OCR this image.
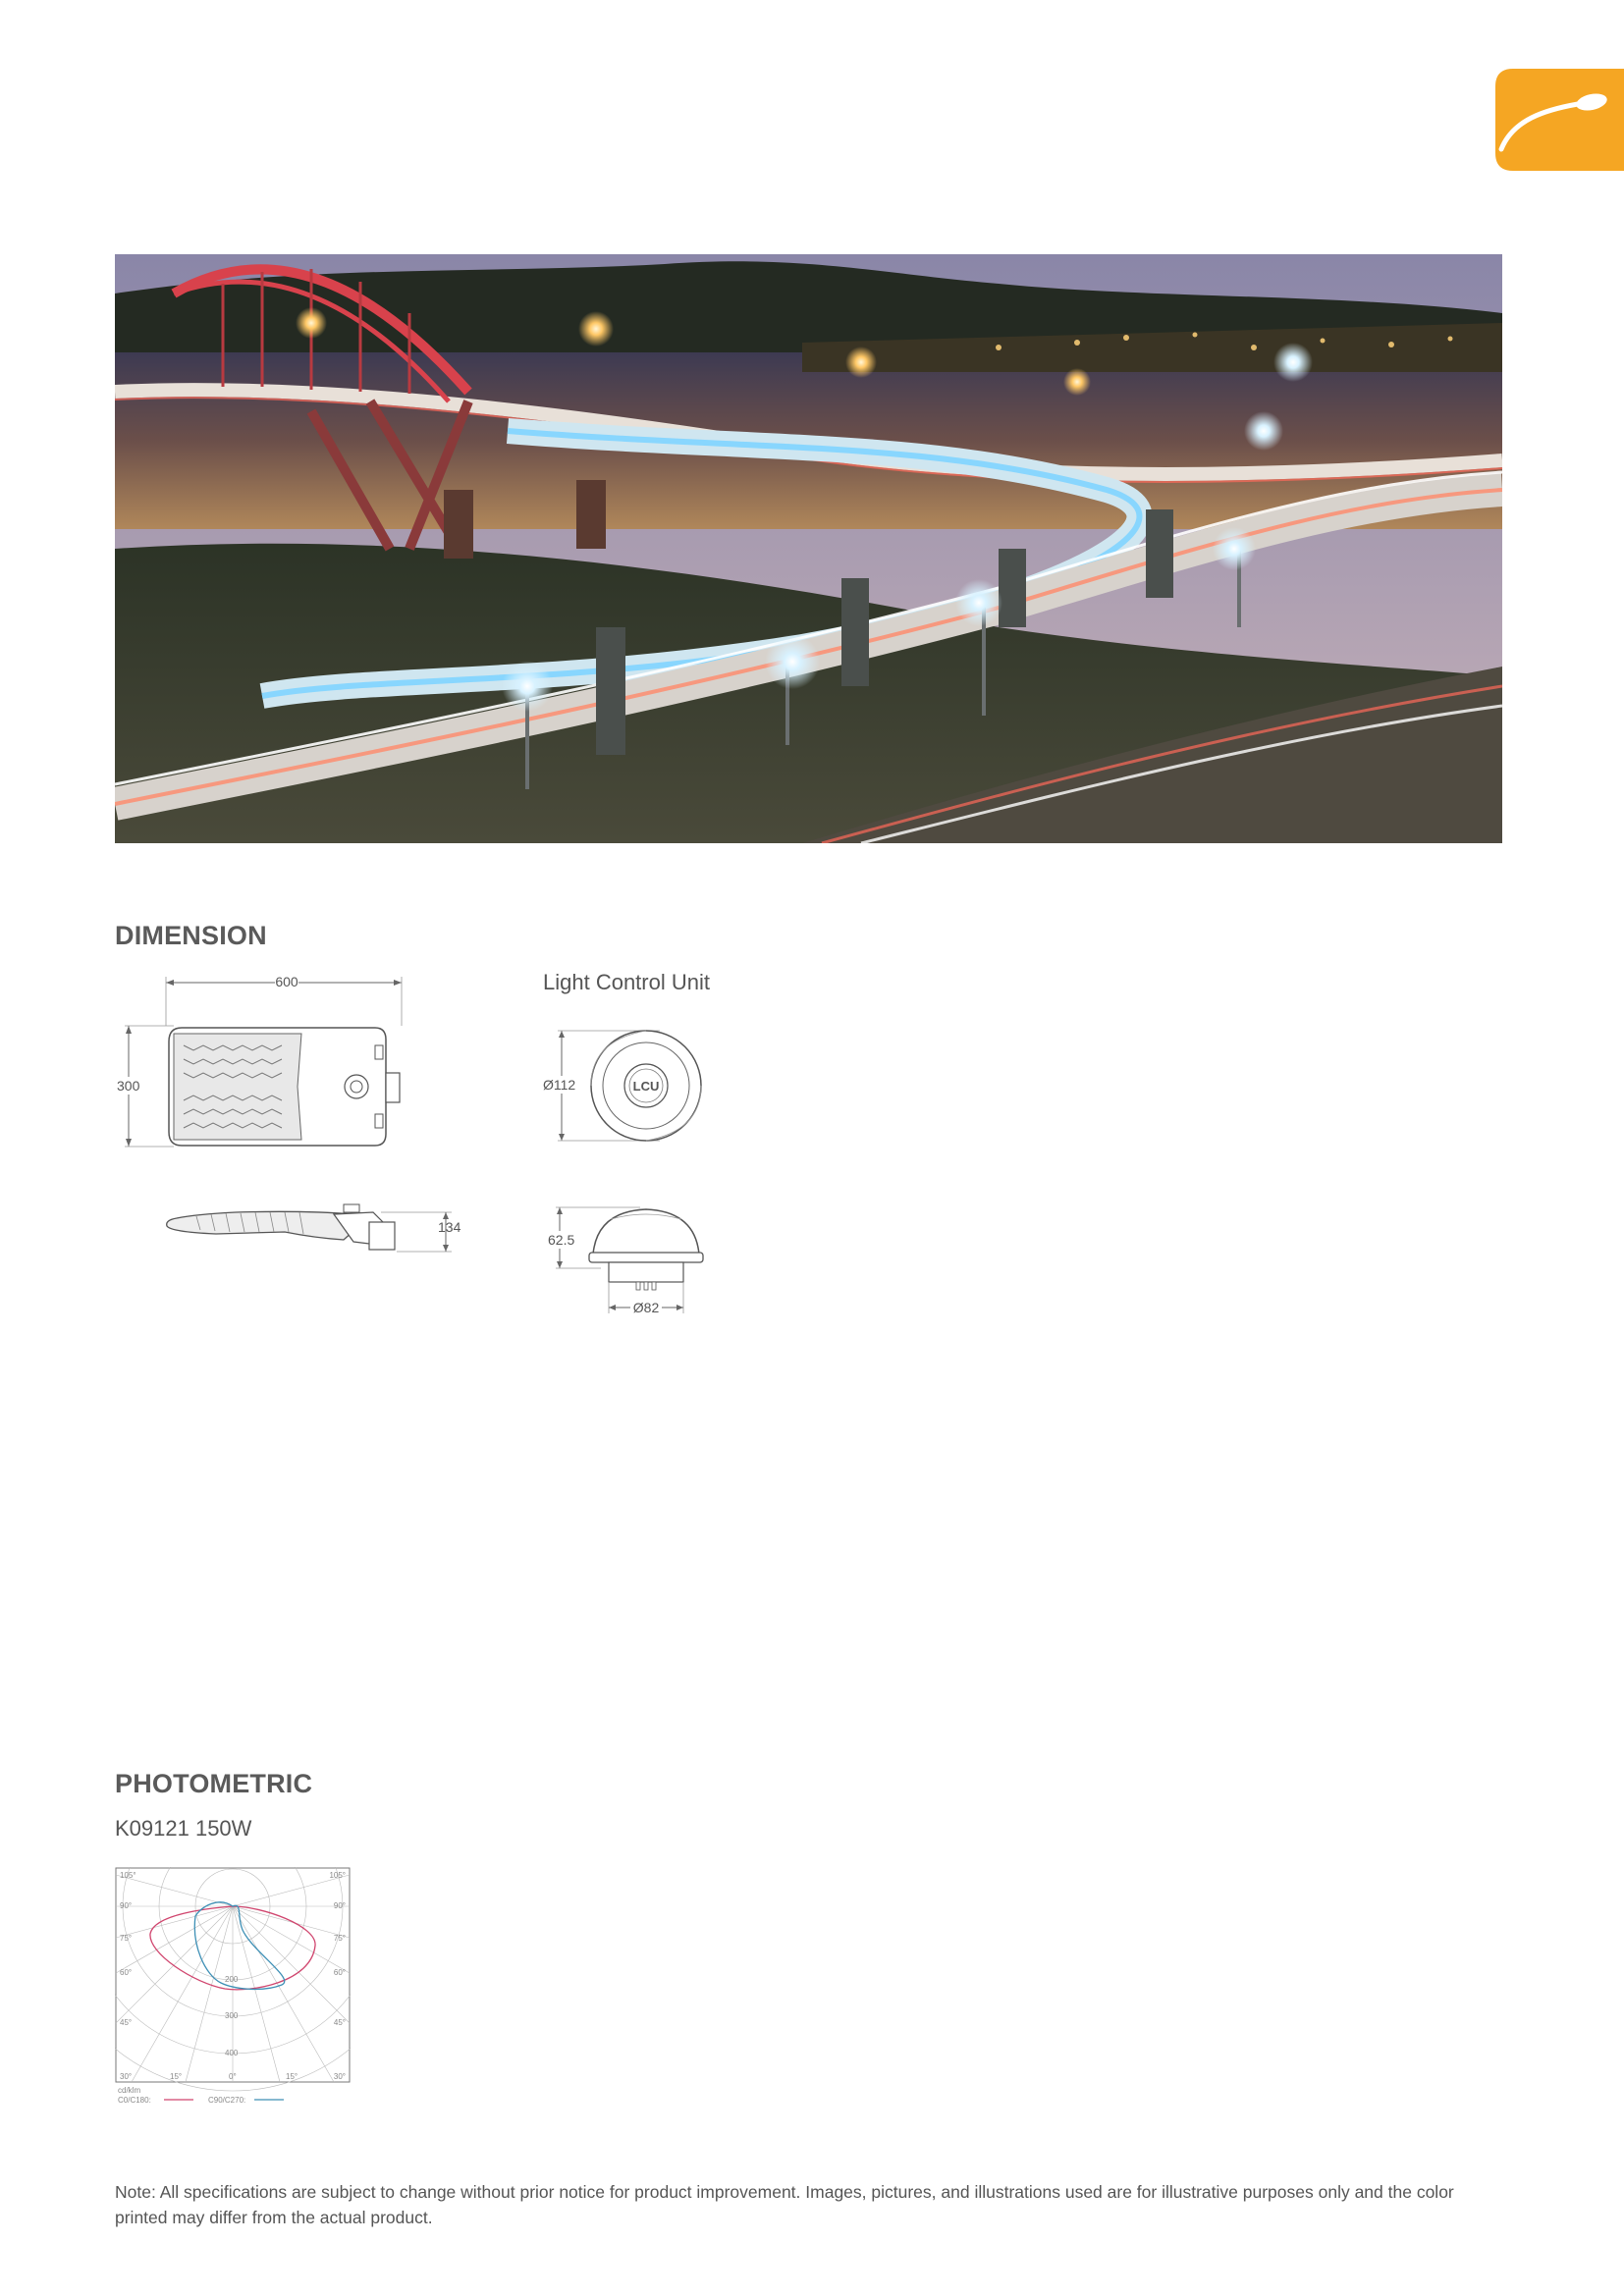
DIMENSION
Light Control Unit
600
300
134
Ø112	LCU
62.5
Ø82
PHOTOMETRIC
K09121 150W
105°
90°
75°
60°
45°
30°
105°
90°
75°
60°
45°
30°
15°	0°	15°
200
300
400
cd/klm
C0/C180:	C90/C270:
Note: All specifications are subject to change without prior notice for product improvement. Images, pictures, and illustrations used are for illustrative purposes only and the color printed may differ from the actual product.
